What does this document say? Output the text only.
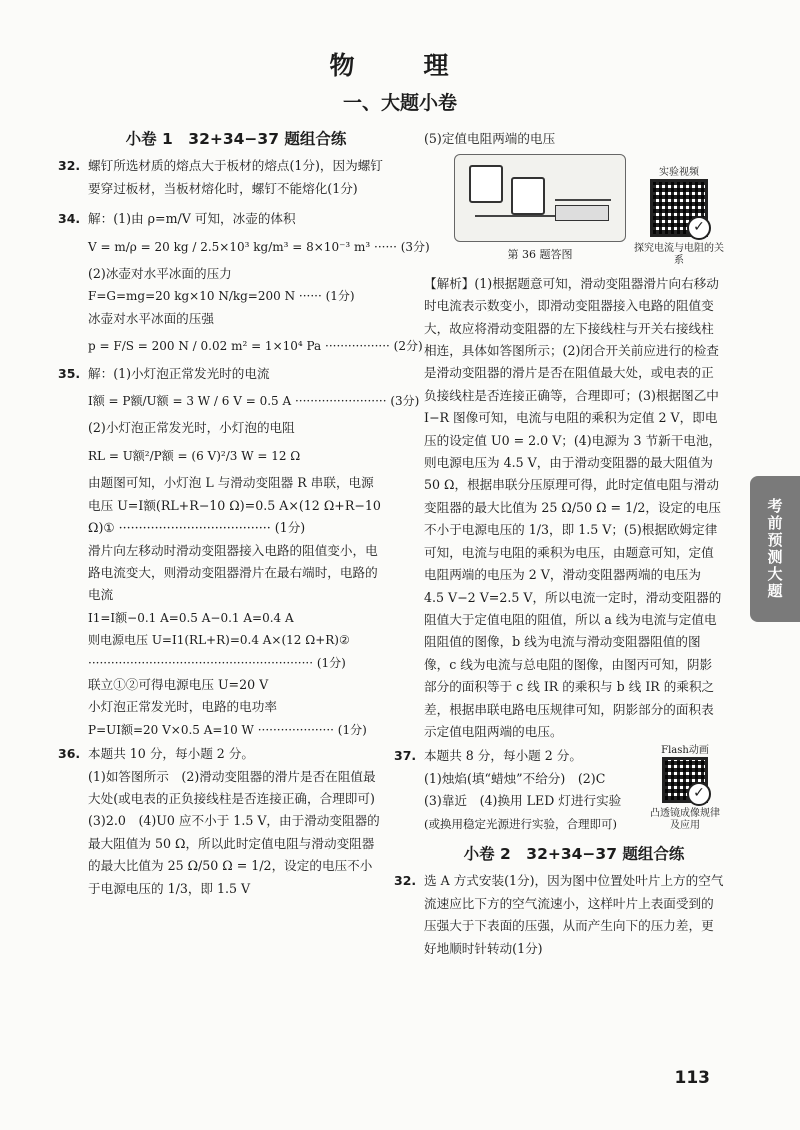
物　理
一、大题小卷
小卷 1　32+34−37 题组合练
32. 螺钉所选材质的熔点大于板材的熔点(1分)，因为螺钉要穿过板材，当板材熔化时，螺钉不能熔化(1分)

34. 解：(1)由 ρ=m/V 可知，冰壶的体积

V = m/ρ = 20 kg / 2.5×10³ kg/m³ = 8×10⁻³ m³ ······ (3分)

(2)冰壶对水平冰面的压力

F=G=mg=20 kg×10 N/kg=200 N ······ (1分)

冰壶对水平冰面的压强

p = F/S = 200 N / 0.02 m² = 1×10⁴ Pa ················· (2分)

35. 解：(1)小灯泡正常发光时的电流

I额 = P额/U额 = 3 W / 6 V = 0.5 A ························ (3分)

(2)小灯泡正常发光时，小灯泡的电阻

RL = U额²/P额 = (6 V)²/3 W = 12 Ω

由题图可知，小灯泡 L 与滑动变阻器 R 串联，电源电压 U=I额(RL+R−10 Ω)=0.5 A×(12 Ω+R−10 Ω)① ······································ (1分)

滑片向左移动时滑动变阻器接入电路的阻值变小，电路电流变大，则滑动变阻器滑片在最右端时，电路的电流

I1=I额−0.1 A=0.5 A−0.1 A=0.4 A

则电源电压 U=I1(RL+R)=0.4 A×(12 Ω+R)②

··························································· (1分)

联立①②可得电源电压 U=20 V

小灯泡正常发光时，电路的电功率

P=UI额=20 V×0.5 A=10 W ···················· (1分)

36. 本题共 10 分，每小题 2 分。

(1)如答图所示　(2)滑动变阻器的滑片是否在阻值最大处(或电表的正负接线柱是否连接正确，合理即可)　(3)2.0　(4)U0 应不小于 1.5 V，由于滑动变阻器的最大阻值为 50 Ω，所以此时定值电阻与滑动变阻器的最大比值为 25 Ω/50 Ω = 1/2，设定的电压不小于电源电压的 1/3，即 1.5 V

(5)定值电阻两端的电压

第 36 题答图
实验视频
✓
探究电流与电阻的关系

【解析】(1)根据题意可知，滑动变阻器滑片向右移动时电流表示数变小，即滑动变阻器接入电路的阻值变大，故应将滑动变阻器的左下接线柱与开关右接线柱相连，具体如答图所示；(2)闭合开关前应进行的检查是滑动变阻器的滑片是否在阻值最大处，或电表的正负接线柱是否连接正确等，合理即可；(3)根据图乙中 I−R 图像可知，电流与电阻的乘积为定值 2 V，即电压的设定值 U0 = 2.0 V；(4)电源为 3 节新干电池，则电源电压为 4.5 V，由于滑动变阻器的最大阻值为 50 Ω，根据串联分压原理可得，此时定值电阻与滑动变阻器的最大比值为 25 Ω/50 Ω = 1/2，设定的电压不小于电源电压的 1/3，即 1.5 V；(5)根据欧姆定律可知，电流与电阻的乘积为电压，由题意可知，定值电阻两端的电压为 2 V，滑动变阻器两端的电压为 4.5 V−2 V=2.5 V，所以电流一定时，滑动变阻器的阻值大于定值电阻的阻值，所以 a 线为电流与定值电阻阻值的图像，b 线为电流与滑动变阻器阻值的图像，c 线为电流与总电阻的图像，由图丙可知，阴影部分的面积等于 c 线 IR 的乘积与 b 线 IR 的乘积之差，根据串联电路电压规律可知，阴影部分的面积表示定值电阻两端的电压。

37.	Flash动画
✓
凸透镜成像规律及应用

本题共 8 分，每小题 2 分。

(1)烛焰(填“蜡烛”不给分)　(2)C

(3)靠近　(4)换用 LED 灯进行实验

(或换用稳定光源进行实验，合理即可)

小卷 2　32+34−37 题组合练
32. 选 A 方式安装(1分)，因为图中位置处叶片上方的空气流速应比下方的空气流速小，这样叶片上表面受到的压强大于下表面的压强，从而产生向下的压力差，更好地顺时针转动(1分)

考前预测大题
113
